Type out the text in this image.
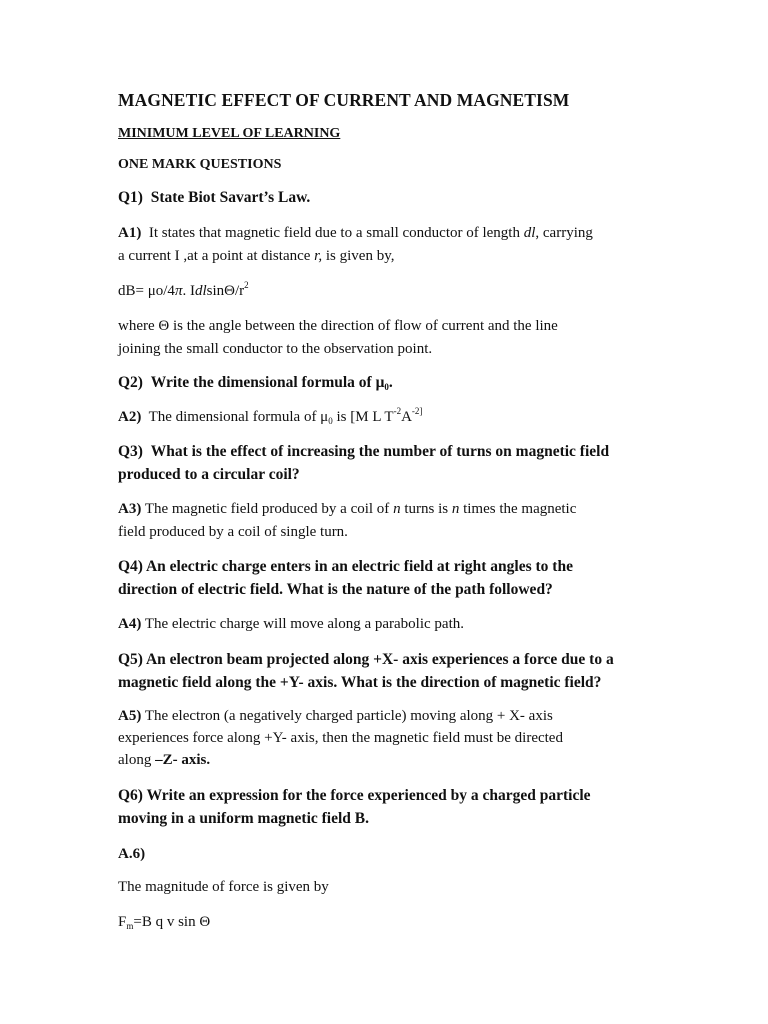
MAGNETIC EFFECT OF CURRENT AND MAGNETISM
MINIMUM LEVEL OF LEARNING
ONE MARK QUESTIONS
Q1) State Biot Savart’s Law.
A1) It states that magnetic field due to a small conductor of length dl, carrying
a current I ,at a point at distance r, is given by,
dB= μo/4π. IdlsinΘ/$r^2$
where Θ is the angle between the direction of flow of current and the line
joining the small conductor to the observation point.
Q2) Write the dimensional formula of $\mu_0$.
A2) The dimensional formula of $\mu_0$ is [M L $T^{-2}A^{-2]}$
Q3) What is the effect of increasing the number of turns on magnetic field
produced to a circular coil?
A3) The magnetic field produced by a coil of n turns is n times the magnetic
field produced by a coil of single turn.
Q4) An electric charge enters in an electric field at right angles to the
direction of electric field. What is the nature of the path followed?
A4) The electric charge will move along a parabolic path.
Q5) An electron beam projected along +X- axis experiences a force due to a
magnetic field along the +Y- axis. What is the direction of magnetic field?
A5) The electron (a negatively charged particle) moving along + X- axis
experiences force along +Y- axis, then the magnetic field must be directed
along –Z- axis.
Q6) Write an expression for the force experienced by a charged particle
moving in a uniform magnetic field B.
A.6)
The magnitude of force is given by
$F_m=B$ q v sin Θ
